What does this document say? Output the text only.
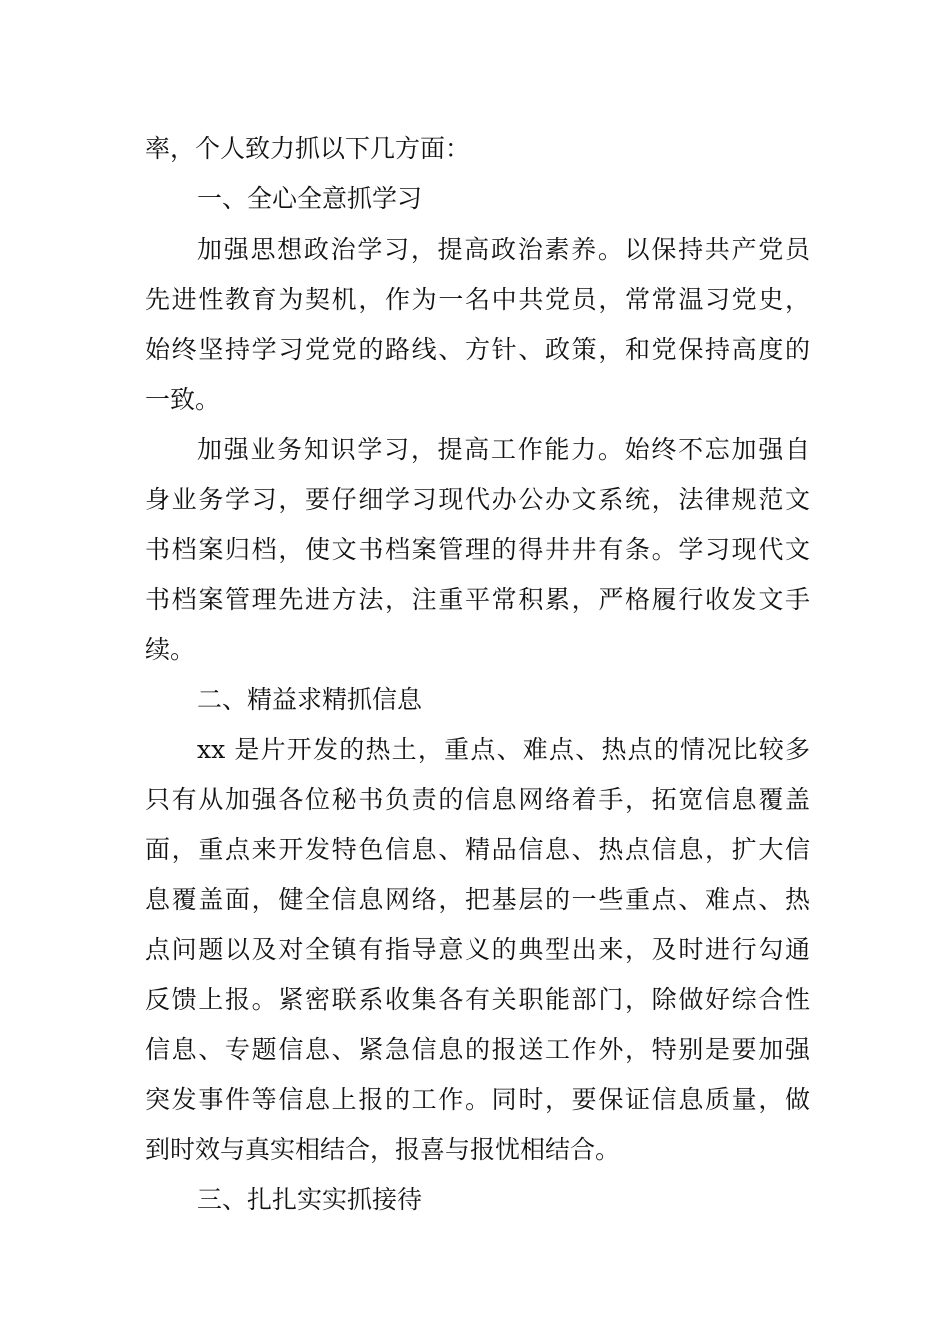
率，个人致力抓以下几方面：
一、全心全意抓学习
加强思想政治学习，提高政治素养。以保持共产党员
先进性教育为契机，作为一名中共党员，常常温习党史，
始终坚持学习党党的路线、方针、政策，和党保持高度的
一致。
加强业务知识学习，提高工作能力。始终不忘加强自
身业务学习，要仔细学习现代办公办文系统，法律规范文
书档案归档，使文书档案管理的得井井有条。学习现代文
书档案管理先进方法，注重平常积累，严格履行收发文手
续。
二、精益求精抓信息
xx 是片开发的热土，重点、难点、热点的情况比较多
只有从加强各位秘书负责的信息网络着手，拓宽信息覆盖
面，重点来开发特色信息、精品信息、热点信息，扩大信
息覆盖面，健全信息网络，把基层的一些重点、难点、热
点问题以及对全镇有指导意义的典型出来，及时进行勾通
反馈上报。紧密联系收集各有关职能部门，除做好综合性
信息、专题信息、紧急信息的报送工作外，特别是要加强
突发事件等信息上报的工作。同时，要保证信息质量，做
到时效与真实相结合，报喜与报忧相结合。
三、扎扎实实抓接待
